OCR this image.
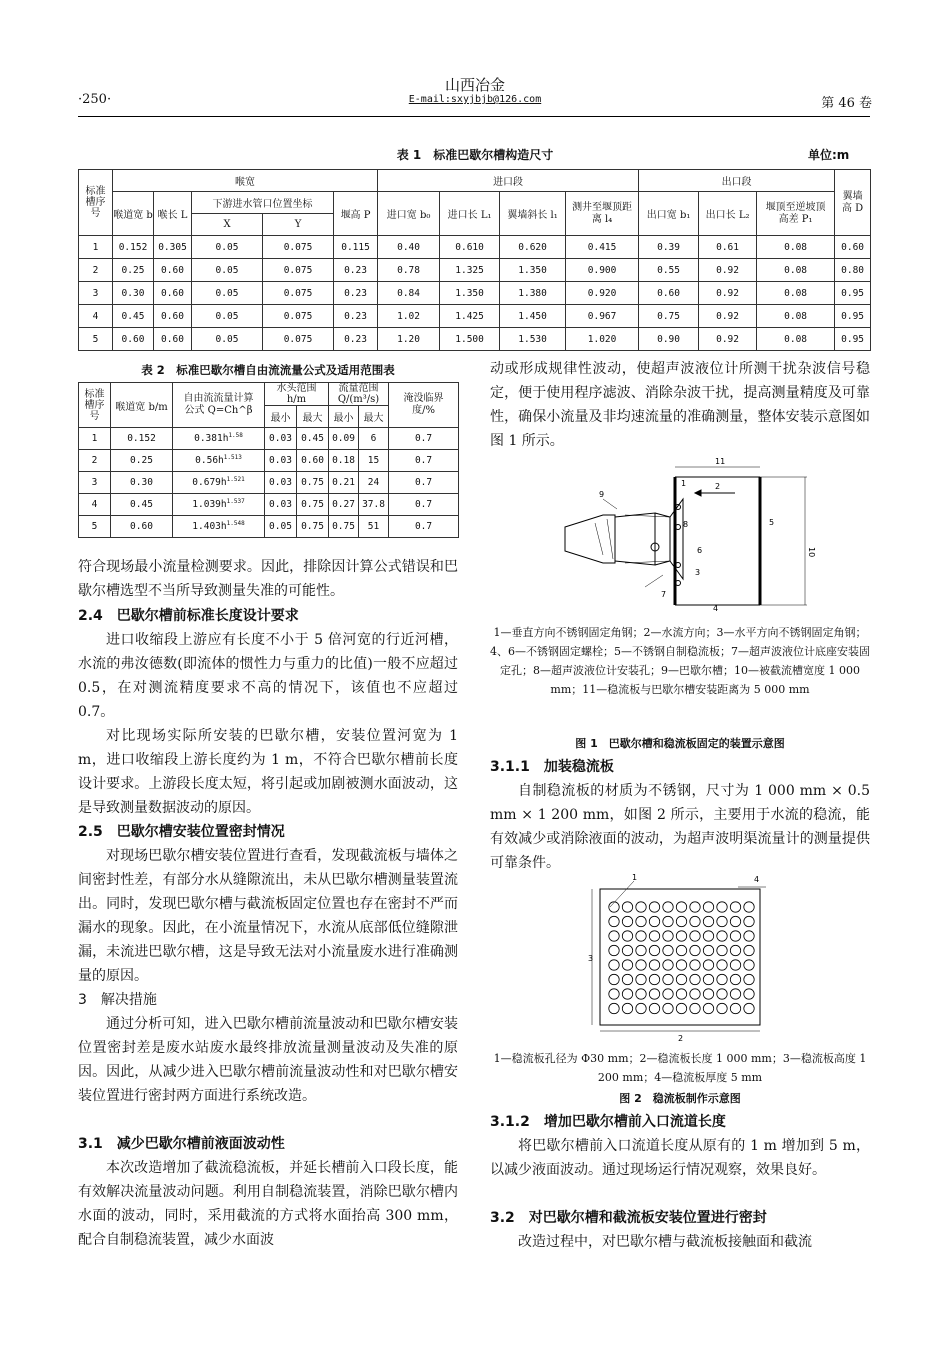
·250·
山西冶金
E-mail:sxyjbjb@126.com	第 46 卷
表 1　标准巴歇尔槽构造尺寸	单位:m
标准槽序号	喉宽					进口段				出口段			翼墙高 D
	喉道宽 b	喉长 L	下游进水管口位置坐标		堰高 P	进口宽 b₀	进口长 L₁	翼墙斜长 l₁	测井至堰顶距离 l₄	出口宽 b₁	出口长 L₂	堰顶至逆坡顶高差 P₁	
			X	Y									
1	0.152	0.305	0.05	0.075	0.115	0.40	0.610	0.620	0.415	0.39	0.61	0.08	0.60
2	0.25	0.60	0.05	0.075	0.23	0.78	1.325	1.350	0.900	0.55	0.92	0.08	0.80
3	0.30	0.60	0.05	0.075	0.23	0.84	1.350	1.380	0.920	0.60	0.92	0.08	0.95
4	0.45	0.60	0.05	0.075	0.23	1.02	1.425	1.450	0.967	0.75	0.92	0.08	0.95
5	0.60	0.60	0.05	0.075	0.23	1.20	1.500	1.530	1.020	0.90	0.92	0.08	0.95
表 2　标准巴歇尔槽自由流流量公式及适用范围表
标准槽序号	喉道宽 b/m	自由流流量计算公式 Q=Ch^β	水头范围 h/m		流量范围 Q/(m³/s)		淹没临界度/%
			最小	最大	最小	最大	
1	0.152	$0.381h^{1.58}$	0.03	0.45	0.09	6	0.7
2	0.25	$0.56h^{1.513}$	0.03	0.60	0.18	15	0.7
3	0.30	$0.679h^{1.521}$	0.03	0.75	0.21	24	0.7
4	0.45	$1.039h^{1.537}$	0.03	0.75	0.27	37.8	0.7
5	0.60	$1.403h^{1.548}$	0.05	0.75	0.75	51	0.7

符合现场最小流量检测要求。因此，排除因计算公式错误和巴歇尔槽选型不当所导致测量失准的可能性。

2.4　巴歇尔槽前标准长度设计要求

进口收缩段上游应有长度不小于 5 倍河宽的行近河槽，水流的弗汝德数(即流体的惯性力与重力的比值)一般不应超过 0.5，在对测流精度要求不高的情况下，该值也不应超过 0.7。

对比现场实际所安装的巴歇尔槽，安装位置河宽为 1 m，进口收缩段上游长度约为 1 m，不符合巴歇尔槽前长度设计要求。上游段长度太短，将引起或加剧被测水面波动，这是导致测量数据波动的原因。

2.5　巴歇尔槽安装位置密封情况

对现场巴歇尔槽安装位置进行查看，发现截流板与墙体之间密封性差，有部分水从缝隙流出，未从巴歇尔槽测量装置流出。同时，发现巴歇尔槽与截流板固定位置也存在密封不严而漏水的现象。因此，在小流量情况下，水流从底部低位缝隙泄漏，未流进巴歇尔槽，这是导致无法对小流量废水进行准确测量的原因。

3　解决措施

通过分析可知，进入巴歇尔槽前流量波动和巴歇尔槽安装位置密封差是废水站废水最终排放流量测量波动及失准的原因。因此，从减少进入巴歇尔槽前流量波动性和对巴歇尔槽安装位置进行密封两方面进行系统改造。

3.1　减少巴歇尔槽前液面波动性

本次改造增加了截流稳流板，并延长槽前入口段长度，能有效解决流量波动问题。利用自制稳流装置，消除巴歇尔槽内水面的波动，同时，采用截流的方式将水面抬高 300 mm，配合自制稳流装置，减少水面波

动或形成规律性波动，使超声波液位计所测干扰杂波信号稳定，便于使用程序滤波、消除杂波干扰，提高测量精度及可靠性，确保小流量及非均速流量的准确测量，整体安装示意图如图 1 所示。

11
1	2
9
8	5
6
3
7
4
10
1—垂直方向不锈钢固定角钢；2—水流方向；3—水平方向不锈钢固定角钢；4、6—不锈钢固定螺栓；5—不锈钢自制稳流板；7—超声波液位计底座安装固定孔；8—超声波液位计安装孔；9—巴歇尔槽；10—被截流槽宽度 1 000 mm；11—稳流板与巴歇尔槽安装距离为 5 000 mm
图 1　巴歇尔槽和稳流板固定的装置示意图
3.1.1　加装稳流板

自制稳流板的材质为不锈钢，尺寸为 1 000 mm × 0.5 mm × 1 200 mm，如图 2 所示，主要用于水流的稳流，能有效减少或消除液面的波动，为超声波明渠流量计的测量提供可靠条件。

1	4
2
3
1—稳流板孔径为 Φ30 mm；2—稳流板长度 1 000 mm；3—稳流板高度 1 200 mm；4—稳流板厚度 5 mm
图 2　稳流板制作示意图
3.1.2　增加巴歇尔槽前入口流道长度

将巴歇尔槽前入口流道长度从原有的 1 m 增加到 5 m，以减少液面波动。通过现场运行情况观察，效果良好。

3.2　对巴歇尔槽和截流板安装位置进行密封

改造过程中，对巴歇尔槽与截流板接触面和截流
